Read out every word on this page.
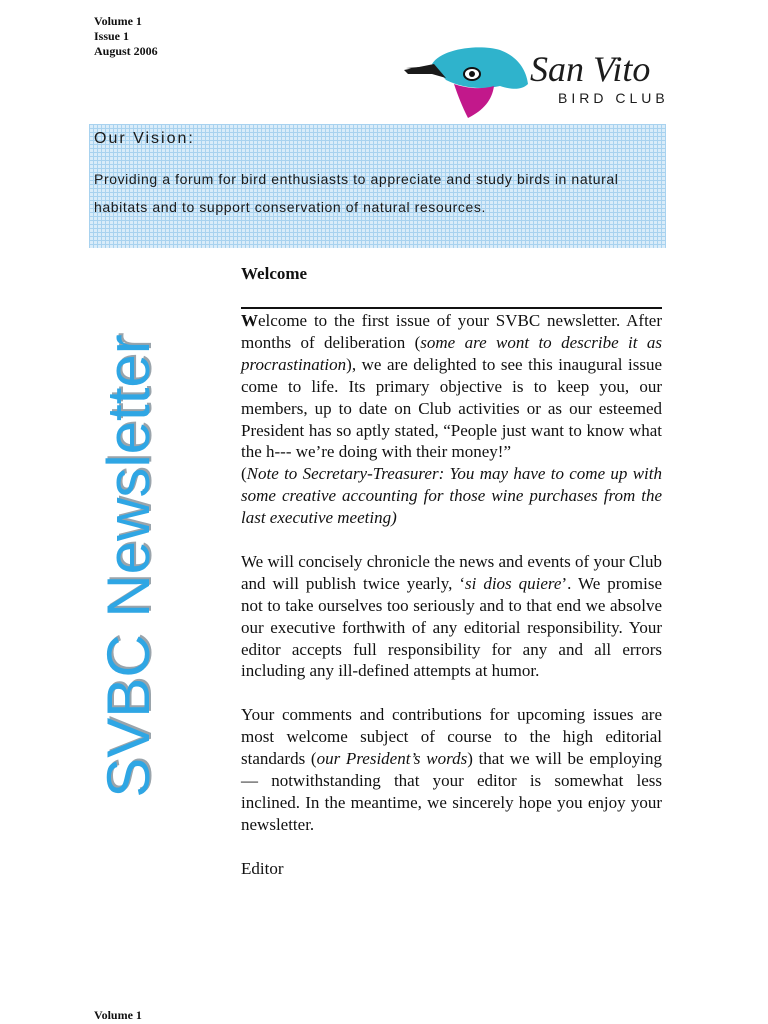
Volume 1
Issue 1
August 2006	San Vito
BIRD CLUB
Our Vision:
Providing a forum for bird enthusiasts to appreciate and study birds in natural habitats and to support conservation of natural resources.
SVBC Newsletter
Welcome

Welcome to the first issue of your SVBC newsletter. After months of deliberation (some are wont to describe it as procrastination), we are delighted to see this inaugural issue come to life. Its primary objective is to keep you, our members, up to date on Club activities or as our esteemed President has so aptly stated, “People just want to know what the h--- we’re doing with their money!”
(Note to Secretary-Treasurer: You may have to come up with some creative accounting for those wine purchases from the last executive meeting)

We will concisely chronicle the news and events of your Club and will publish twice yearly, ‘si dios quiere’. We promise not to take ourselves too seriously and to that end we absolve our executive forthwith of any editorial responsibility. Your editor accepts full responsibility for any and all errors including any ill-defined attempts at humor.

Your comments and contributions for upcoming issues are most welcome subject of course to the high editorial standards (our President’s words) that we will be employing — notwithstanding that your editor is somewhat less inclined. In the meantime, we sincerely hope you enjoy your newsletter.

Editor

Volume 1
